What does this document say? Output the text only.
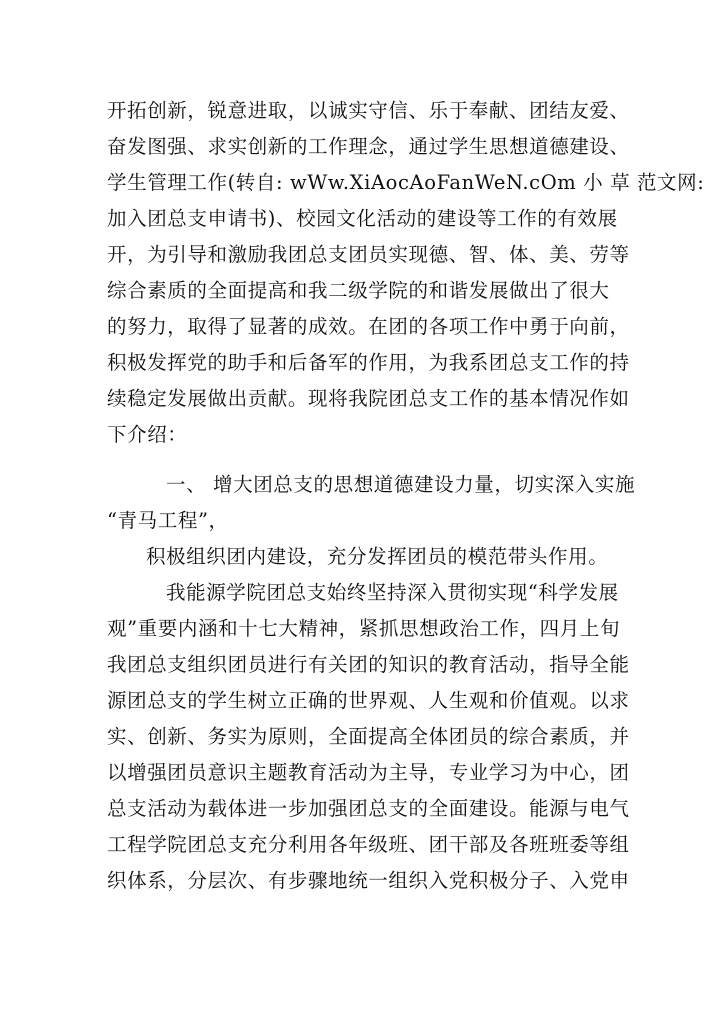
开拓创新，锐意进取，以诚实守信、乐于奉献、团结友爱、
奋发图强、求实创新的工作理念，通过学生思想道德建设、
学生管理工作(转自: wWw.XiAocAoFanWeN.cOm 小 草 范文网:
加入团总支申请书)、校园文化活动的建设等工作的有效展
开，为引导和激励我团总支团员实现德、智、体、美、劳等
综合素质的全面提高和我二级学院的和谐发展做出了很大
的努力，取得了显著的成效。在团的各项工作中勇于向前，
积极发挥党的助手和后备军的作用，为我系团总支工作的持
续稳定发展做出贡献。现将我院团总支工作的基本情况作如
下介绍：
一、 增大团总支的思想道德建设力量，切实深入实施
“青马工程”，
积极组织团内建设，充分发挥团员的模范带头作用。
我能源学院团总支始终坚持深入贯彻实现“科学发展
观”重要内涵和十七大精神，紧抓思想政治工作，四月上旬
我团总支组织团员进行有关团的知识的教育活动，指导全能
源团总支的学生树立正确的世界观、人生观和价值观。以求
实、创新、务实为原则，全面提高全体团员的综合素质，并
以增强团员意识主题教育活动为主导，专业学习为中心，团
总支活动为载体进一步加强团总支的全面建设。能源与电气
工程学院团总支充分利用各年级班、团干部及各班班委等组
织体系，分层次、有步骤地统一组织入党积极分子、入党申
